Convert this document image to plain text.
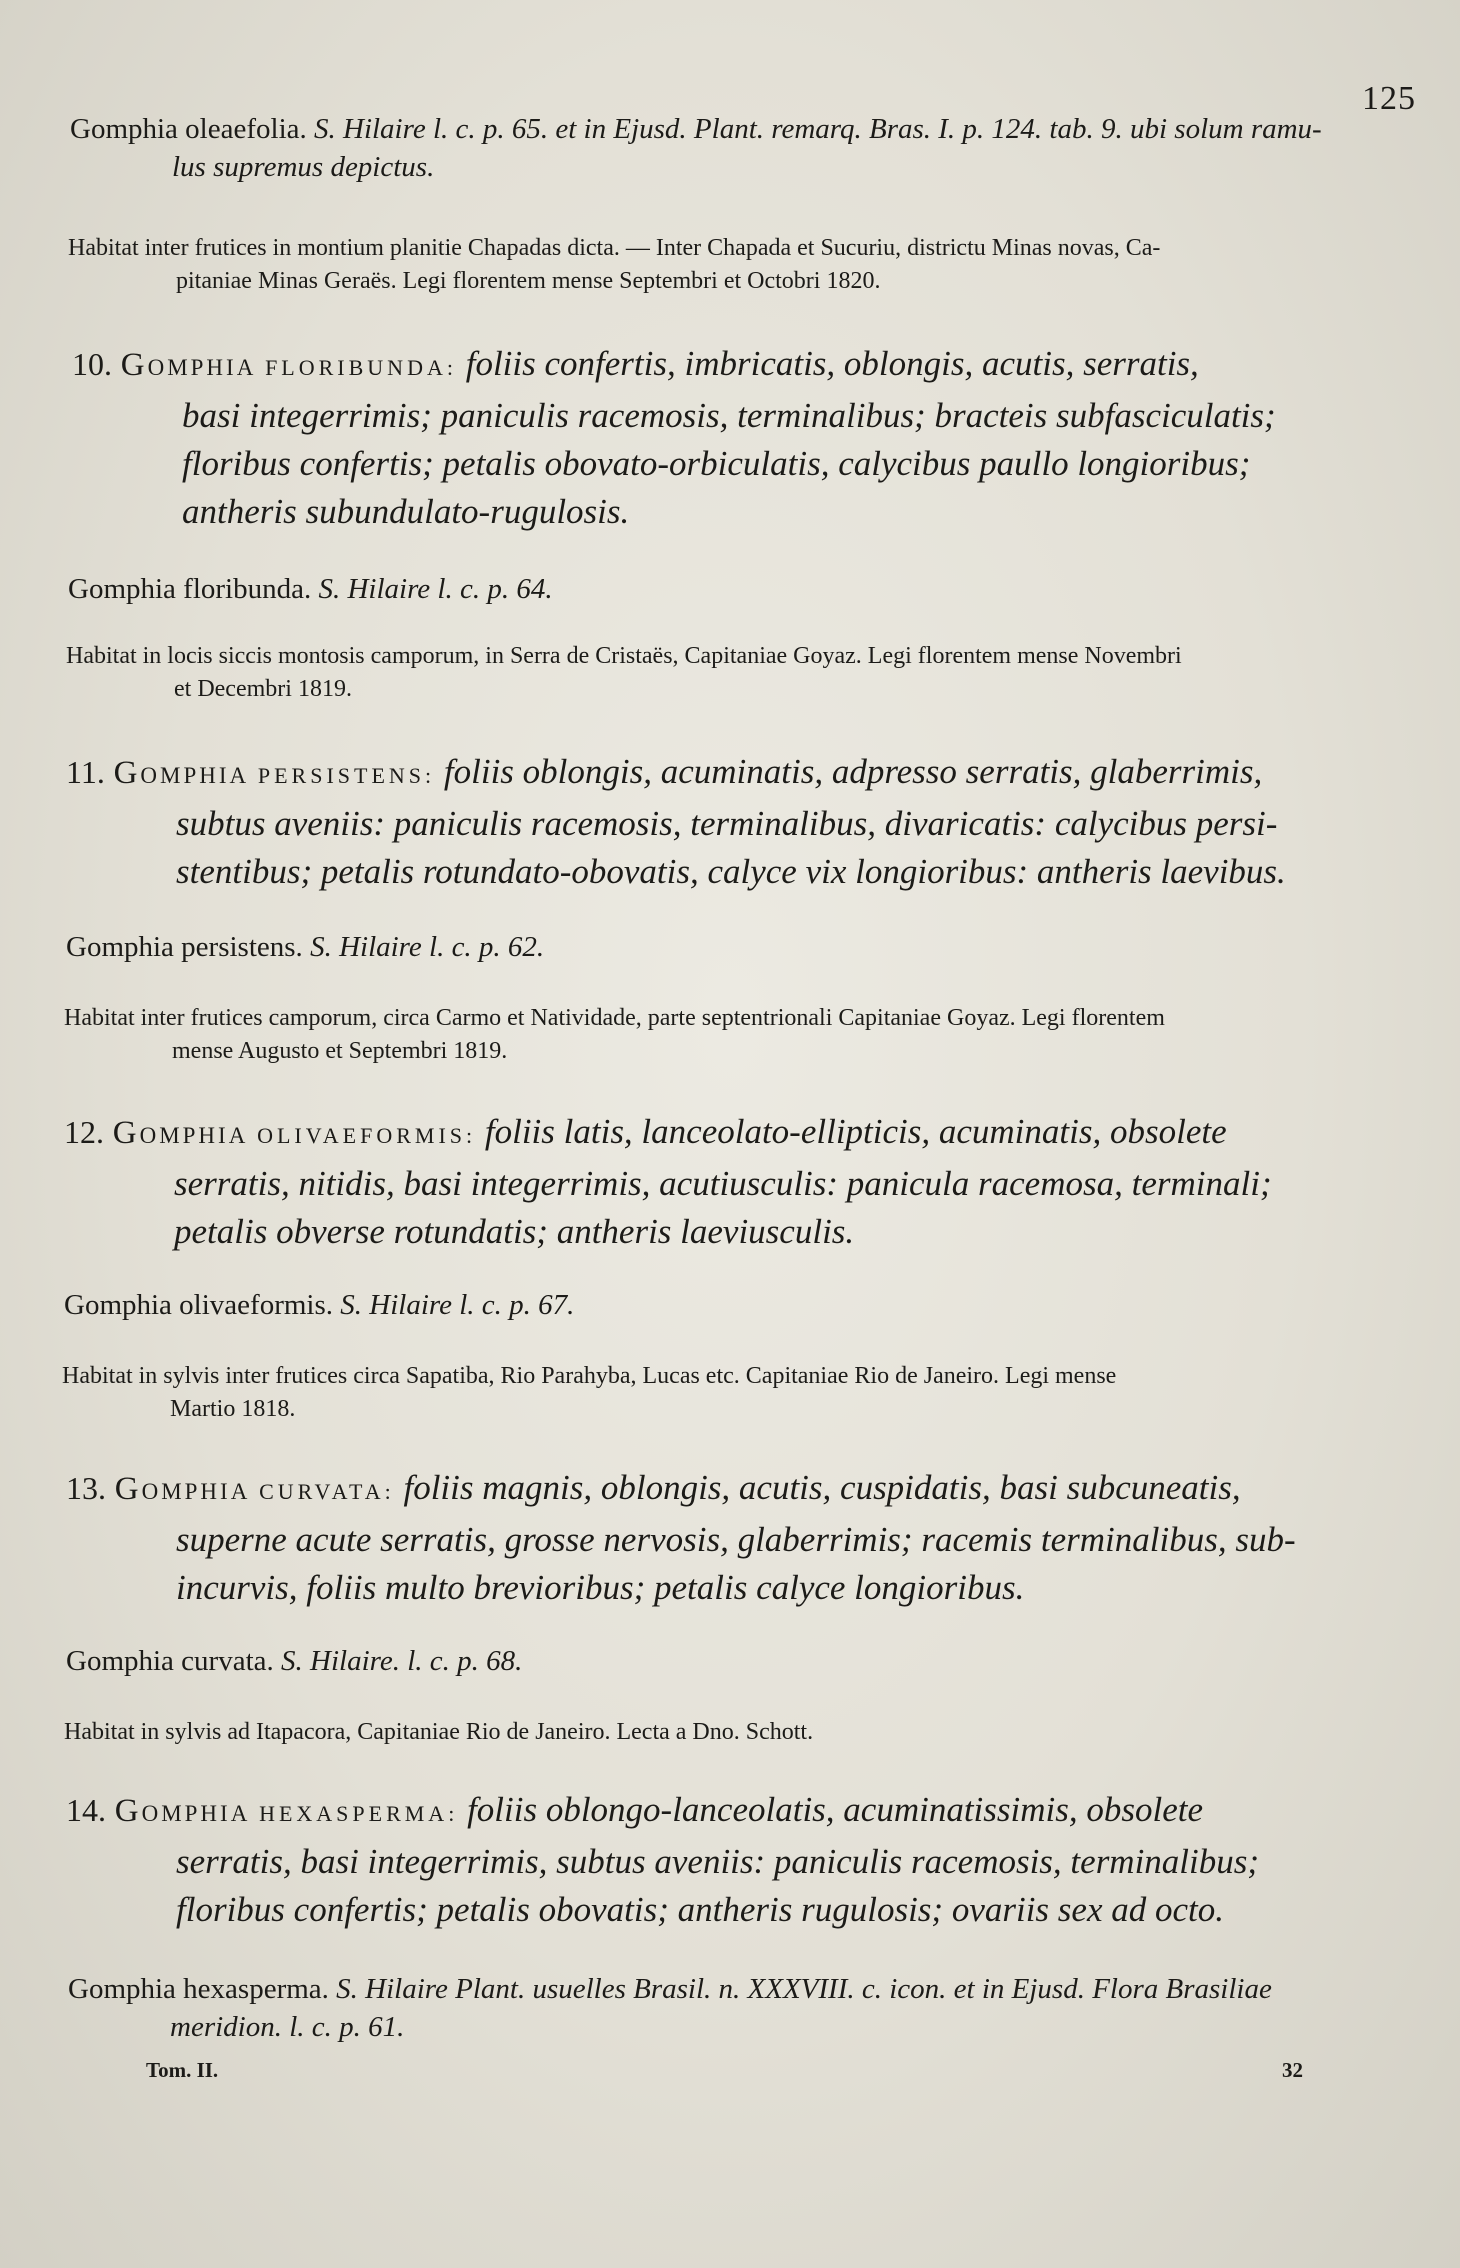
125
Gomphia oleaefolia. S. Hilaire l. c. p. 65. et in Ejusd. Plant. remarq. Bras. I. p. 124. tab. 9. ubi solum ramu-
lus supremus depictus.
Habitat inter frutices in montium planitie Chapadas dicta. — Inter Chapada et Sucuriu, districtu Minas novas, Ca-
pitaniae Minas Geraës. Legi florentem mense Septembri et Octobri 1820.
10. Gomphia FLORIBUNDA: foliis confertis, imbricatis, oblongis, acutis, serratis,
basi integerrimis; paniculis racemosis, terminalibus; bracteis subfasciculatis;
floribus confertis; petalis obovato-orbiculatis, calycibus paullo longioribus;
antheris subundulato-rugulosis.
Gomphia floribunda. S. Hilaire l. c. p. 64.
Habitat in locis siccis montosis camporum, in Serra de Cristaës, Capitaniae Goyaz. Legi florentem mense Novembri
et Decembri 1819.
11. Gomphia PERSISTENS: foliis oblongis, acuminatis, adpresso serratis, glaberrimis,
subtus aveniis: paniculis racemosis, terminalibus, divaricatis: calycibus persi-
stentibus; petalis rotundato-obovatis, calyce vix longioribus: antheris laevibus.
Gomphia persistens. S. Hilaire l. c. p. 62.
Habitat inter frutices camporum, circa Carmo et Natividade, parte septentrionali Capitaniae Goyaz. Legi florentem
mense Augusto et Septembri 1819.
12. Gomphia OLIVAEFORMIS: foliis latis, lanceolato-ellipticis, acuminatis, obsolete
serratis, nitidis, basi integerrimis, acutiusculis: panicula racemosa, terminali;
petalis obverse rotundatis; antheris laeviusculis.
Gomphia olivaeformis. S. Hilaire l. c. p. 67.
Habitat in sylvis inter frutices circa Sapatiba, Rio Parahyba, Lucas etc. Capitaniae Rio de Janeiro. Legi mense
Martio 1818.
13. Gomphia CURVATA: foliis magnis, oblongis, acutis, cuspidatis, basi subcuneatis,
superne acute serratis, grosse nervosis, glaberrimis; racemis terminalibus, sub-
incurvis, foliis multo brevioribus; petalis calyce longioribus.
Gomphia curvata. S. Hilaire. l. c. p. 68.
Habitat in sylvis ad Itapacora, Capitaniae Rio de Janeiro. Lecta a Dno. Schott.
14. Gomphia HEXASPERMA: foliis oblongo-lanceolatis, acuminatissimis, obsolete
serratis, basi integerrimis, subtus aveniis: paniculis racemosis, terminalibus;
floribus confertis; petalis obovatis; antheris rugulosis; ovariis sex ad octo.
Gomphia hexasperma. S. Hilaire Plant. usuelles Brasil. n. XXXVIII. c. icon. et in Ejusd. Flora Brasiliae
meridion. l. c. p. 61.
Tom. II.	32
